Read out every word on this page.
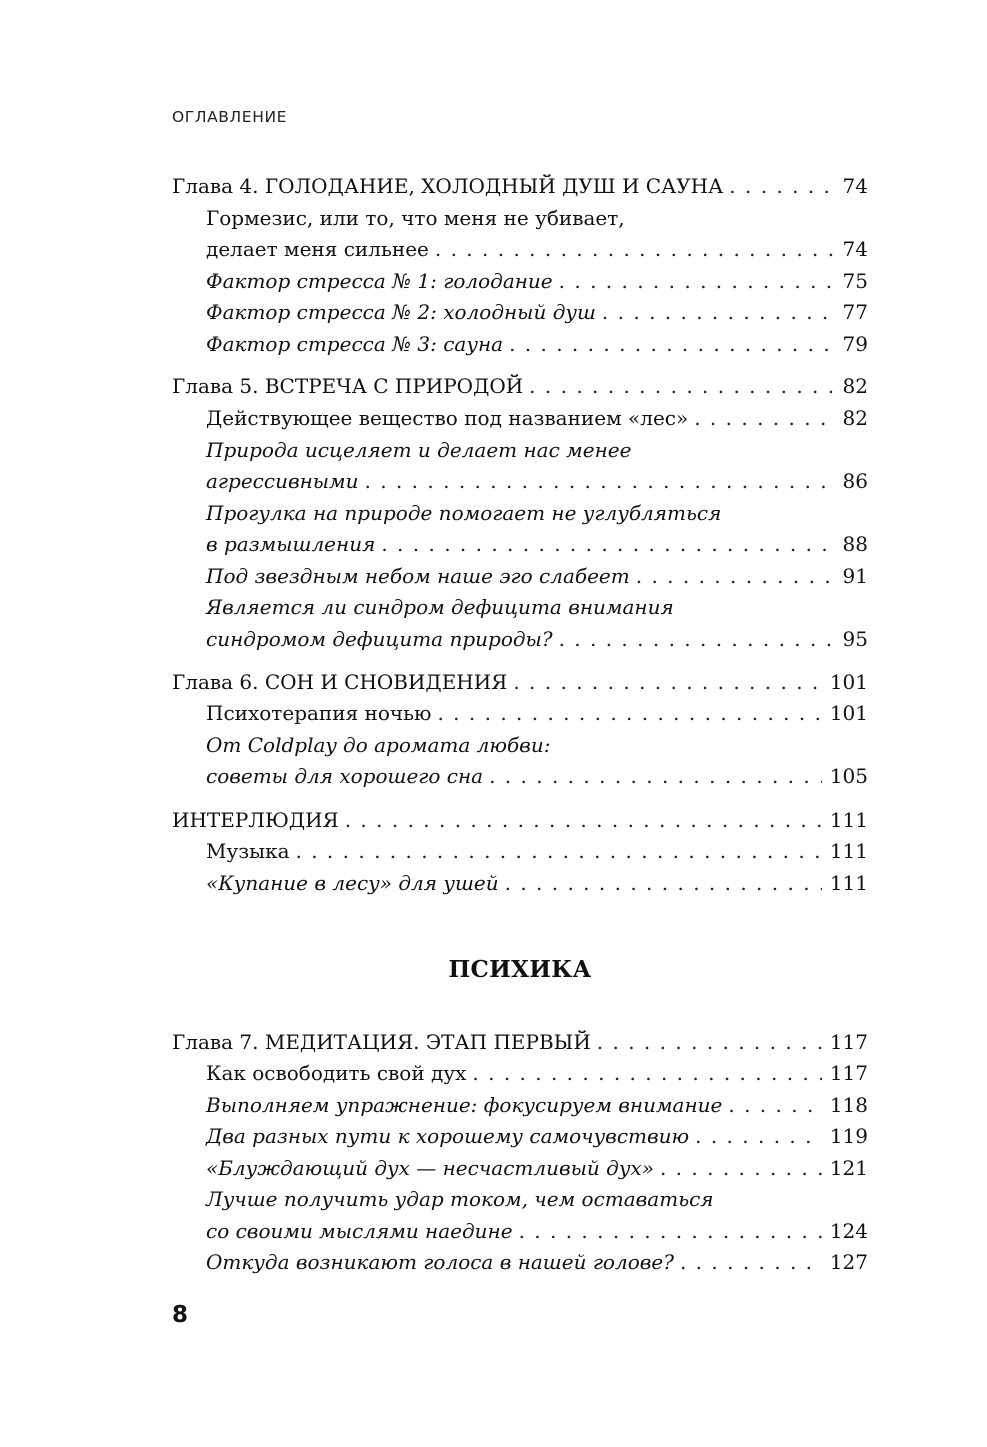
ОГЛАВЛЕНИЕ
Глава 4. ГОЛОДАНИЕ, ХОЛОДНЫЙ ДУШ И САУНА . . .	74
Гормезис, или то, что меня не убивает,
делает меня сильнее . . .	74
Фактор стресса № 1: голодание . . .	75
Фактор стресса № 2: холодный душ . . .	77
Фактор стресса № 3: сауна . . .	79
Глава 5. ВСТРЕЧА С ПРИРОДОЙ . . .	82
Действующее вещество под названием «лес» . . .	82
Природа исцеляет и делает нас менее
агрессивными . . .	86
Прогулка на природе помогает не углубляться
в размышления . . .	88
Под звездным небом наше эго слабеет . . .	91
Является ли синдром дефицита внимания
синдромом дефицита природы? . . .	95
Глава 6. СОН И СНОВИДЕНИЯ . . .	101
Психотерапия ночью . . .	101
От Coldplay до аромата любви:
советы для хорошего сна . . .	105
ИНТЕРЛЮДИЯ . . .	111
Музыка . . .	111
«Купание в лесу» для ушей . . .	111
ПСИХИКА
Глава 7. МЕДИТАЦИЯ. ЭТАП ПЕРВЫЙ . . .	117
Как освободить свой дух . . .	117
Выполняем упражнение: фокусируем внимание . . .	118
Два разных пути к хорошему самочувствию . . .	119
«Блуждающий дух — несчастливый дух» . . .	121
Лучше получить удар током, чем оставаться
со своими мыслями наедине . . .	124
Откуда возникают голоса в нашей голове? . . .	127
8
